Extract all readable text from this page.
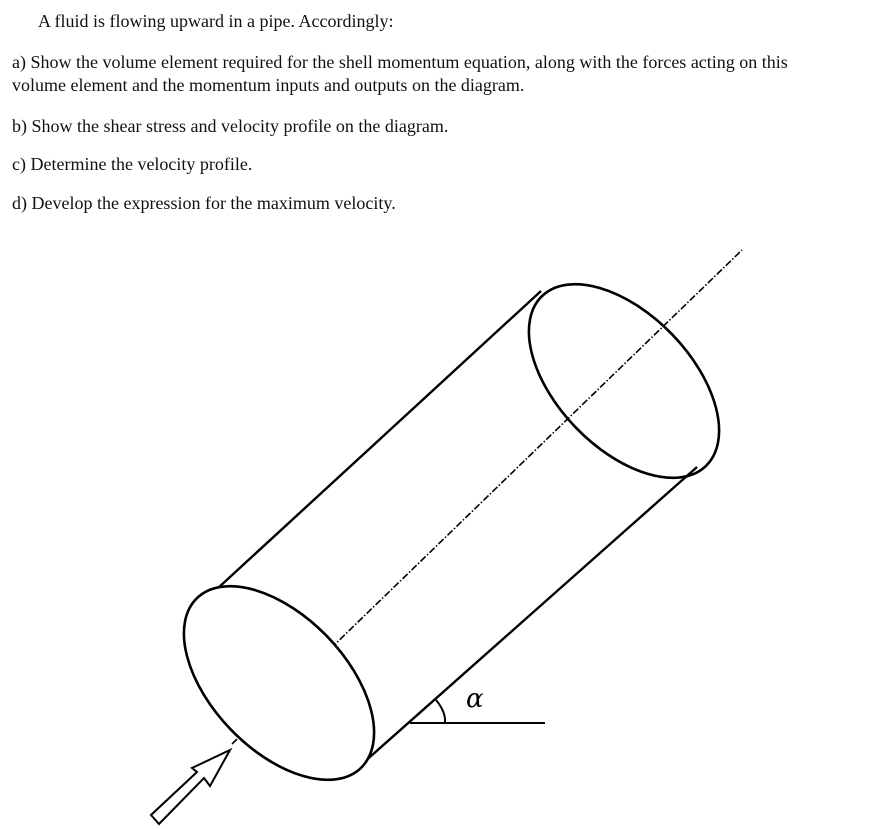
A fluid is flowing upward in a pipe. Accordingly:
a) Show the volume element required for the shell momentum equation, along with the forces acting on this
volume element and the momentum inputs and outputs on the diagram.
b) Show the shear stress and velocity profile on the diagram.
c) Determine the velocity profile.
d) Develop the expression for the maximum velocity.
α
